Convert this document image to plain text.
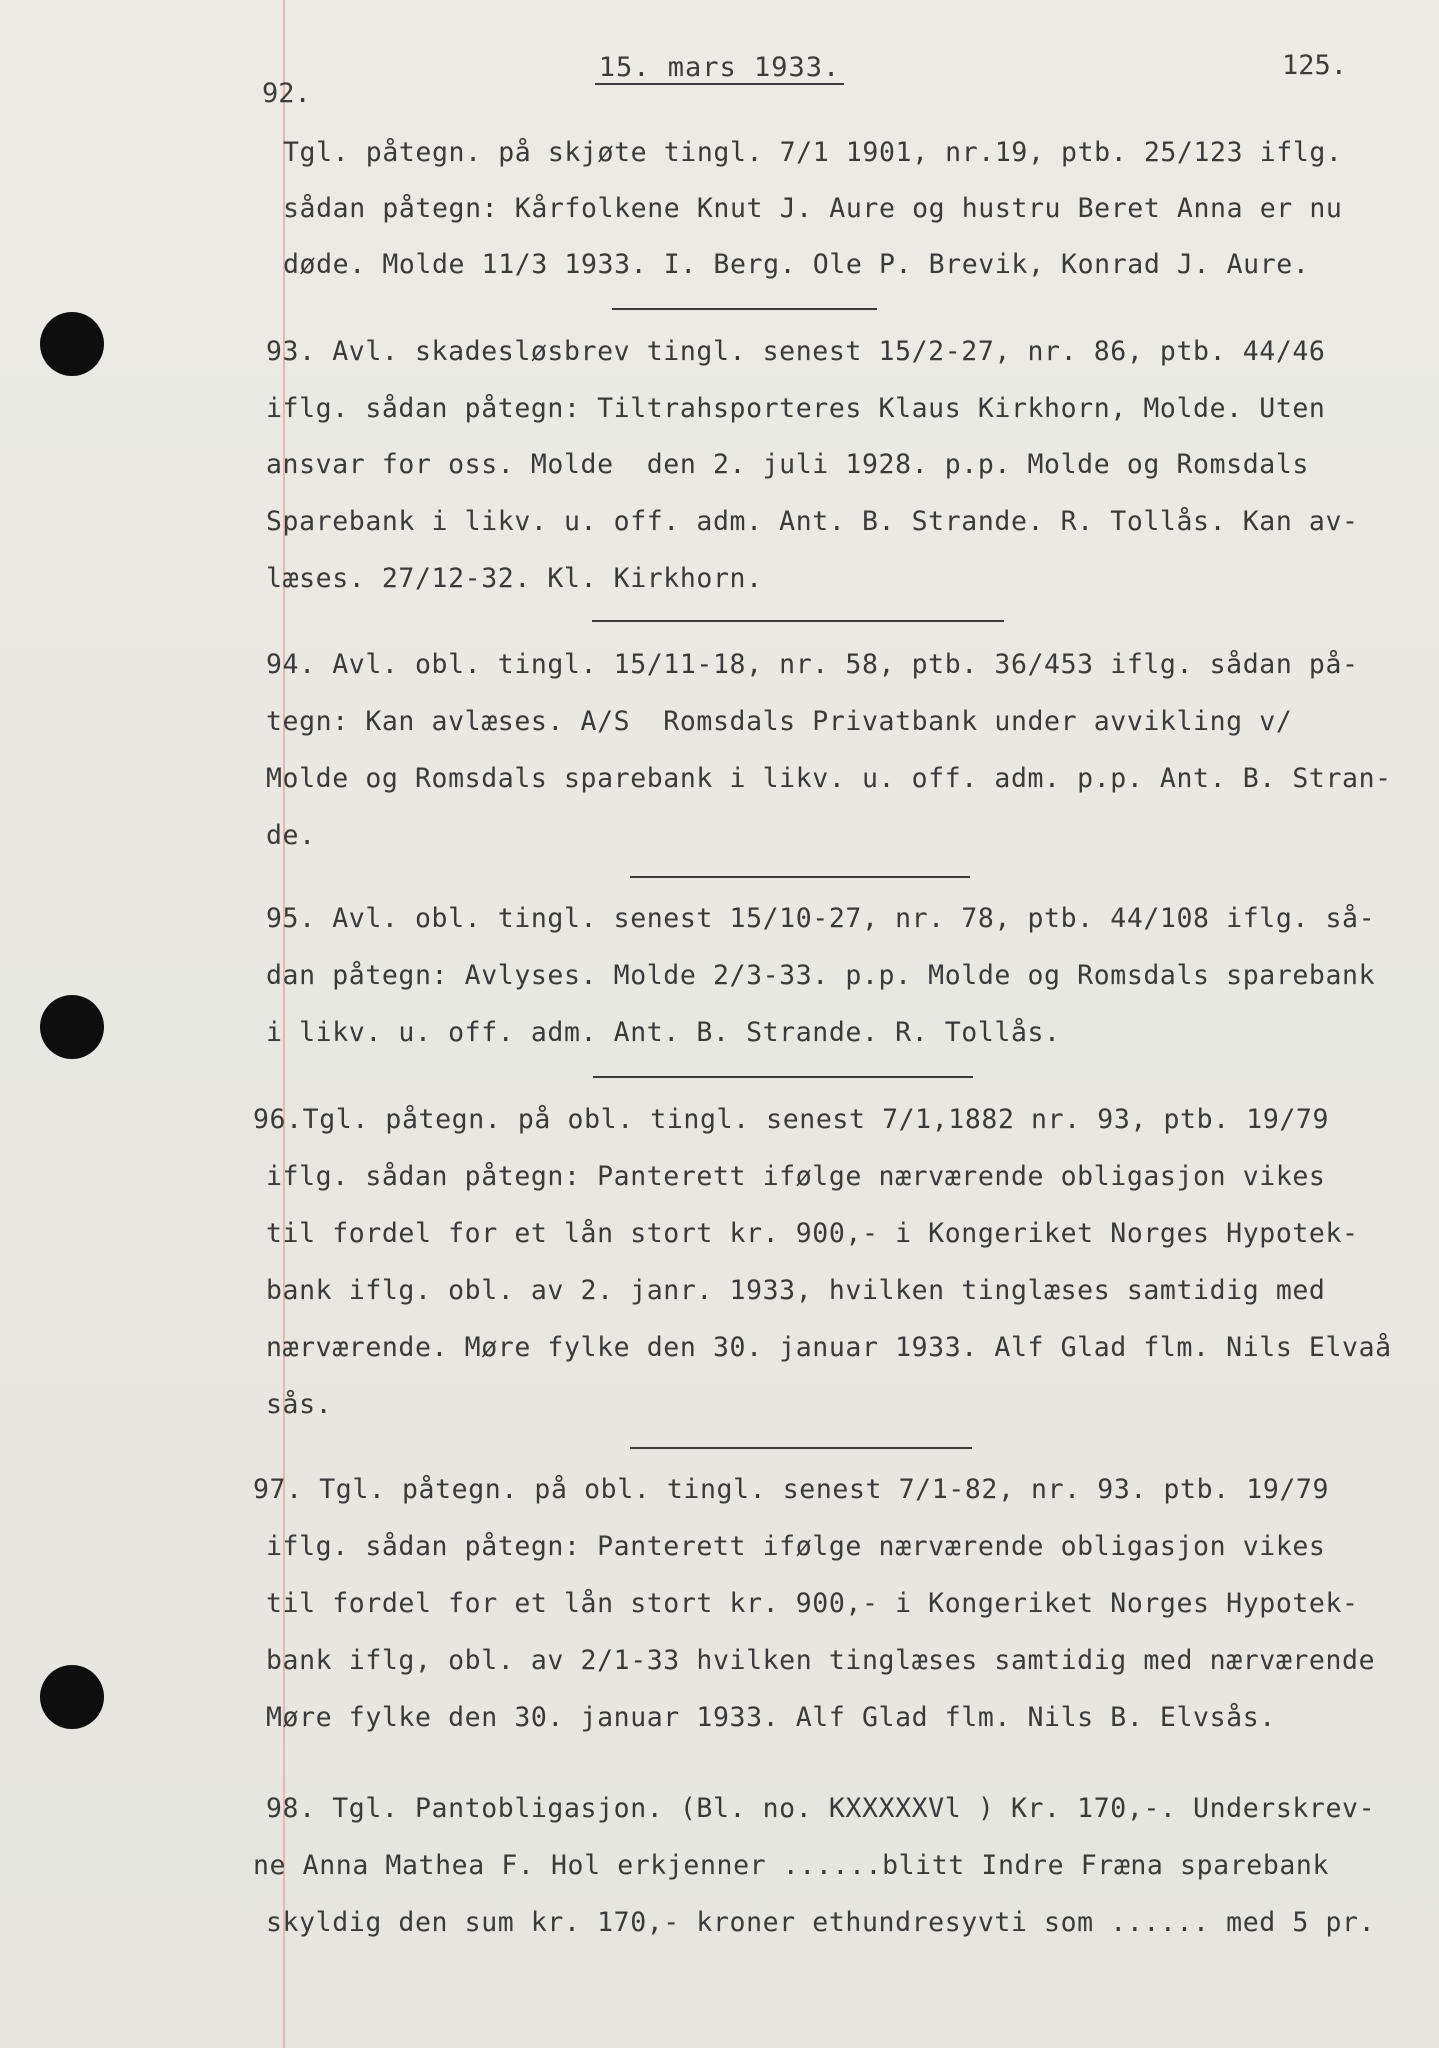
15. mars 1933.	125.
92.
Tgl. påtegn. på skjøte tingl. 7/1 1901, nr.19, ptb. 25/123 iflg.
sådan påtegn: Kårfolkene Knut J. Aure og hustru Beret Anna er nu
døde. Molde 11/3 1933. I. Berg. Ole P. Brevik, Konrad J. Aure.
93. Avl. skadesløsbrev tingl. senest 15/2-27, nr. 86, ptb. 44/46
iflg. sådan påtegn: Tiltrahsporteres Klaus Kirkhorn, Molde. Uten
ansvar for oss. Molde  den 2. juli 1928. p.p. Molde og Romsdals
Sparebank i likv. u. off. adm. Ant. B. Strande. R. Tollås. Kan av-
læses. 27/12-32. Kl. Kirkhorn.
94. Avl. obl. tingl. 15/11-18, nr. 58, ptb. 36/453 iflg. sådan på-
tegn: Kan avlæses. A/S  Romsdals Privatbank under avvikling v/
Molde og Romsdals sparebank i likv. u. off. adm. p.p. Ant. B. Stran-
de.
95. Avl. obl. tingl. senest 15/10-27, nr. 78, ptb. 44/108 iflg. så-
dan påtegn: Avlyses. Molde 2/3-33. p.p. Molde og Romsdals sparebank
i likv. u. off. adm. Ant. B. Strande. R. Tollås.
96.Tgl. påtegn. på obl. tingl. senest 7/1,1882 nr. 93, ptb. 19/79
iflg. sådan påtegn: Panterett ifølge nærværende obligasjon vikes
til fordel for et lån stort kr. 900,- i Kongeriket Norges Hypotek-
bank iflg. obl. av 2. janr. 1933, hvilken tinglæses samtidig med
nærværende. Møre fylke den 30. januar 1933. Alf Glad flm. Nils Elvaå
sås.
97. Tgl. påtegn. på obl. tingl. senest 7/1-82, nr. 93. ptb. 19/79
iflg. sådan påtegn: Panterett ifølge nærværende obligasjon vikes
til fordel for et lån stort kr. 900,- i Kongeriket Norges Hypotek-
bank iflg, obl. av 2/1-33 hvilken tinglæses samtidig med nærværende
Møre fylke den 30. januar 1933. Alf Glad flm. Nils B. Elvsås.
98. Tgl. Pantobligasjon. (Bl. no. KXXXXXVl ) Kr. 170,-. Underskrev-
ne Anna Mathea F. Hol erkjenner ......blitt Indre Fræna sparebank
skyldig den sum kr. 170,- kroner ethundresyvti som ...... med 5 pr.
